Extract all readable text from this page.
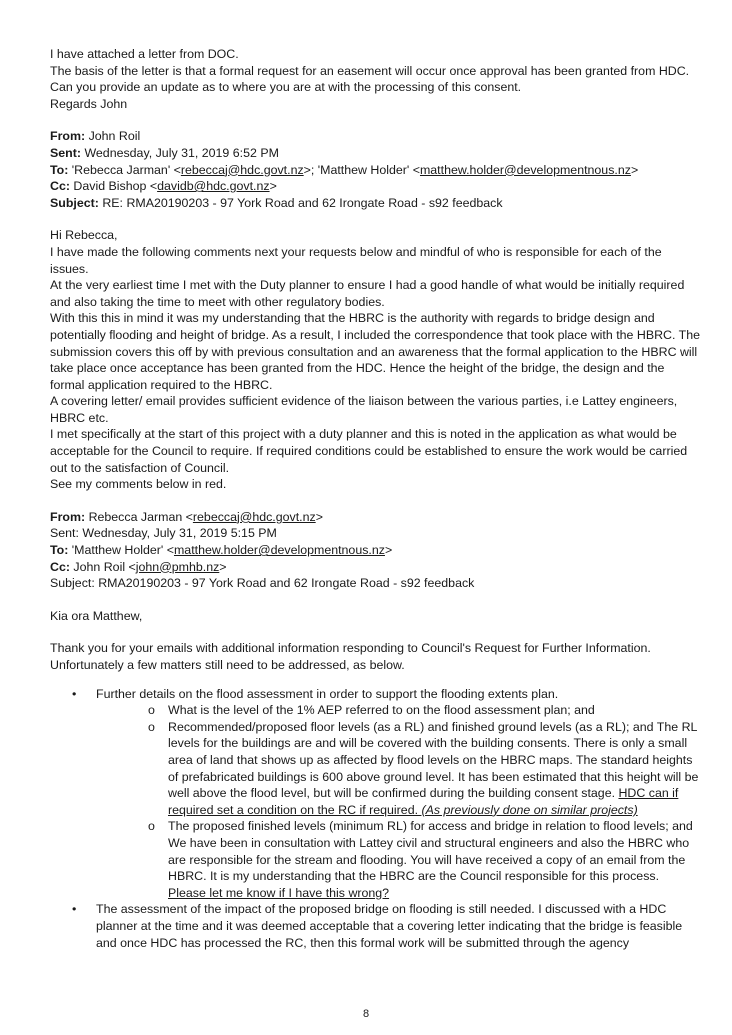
I have attached a letter from DOC.

The basis of the letter is that a formal request for an easement will occur once approval has been granted from HDC.

Can you provide an update as to where you are at with the processing of this consent.

Regards John

From: John Roil

Sent: Wednesday, July 31, 2019 6:52 PM

To: 'Rebecca Jarman' <rebeccaj@hdc.govt.nz>; 'Matthew Holder' <matthew.holder@developmentnous.nz>

Cc: David Bishop <davidb@hdc.govt.nz>

Subject: RE: RMA20190203 - 97 York Road and 62 Irongate Road - s92 feedback

Hi Rebecca,

I have made the following comments next your requests below and mindful of who is responsible for each of the issues.

At the very earliest time I met with the Duty planner to ensure I had a good handle of what would be initially required and also taking the time to meet with other regulatory bodies.

With this this in mind it was my understanding that the HBRC is the authority with regards to bridge design and potentially flooding and height of bridge. As a result, I included the correspondence that took place with the HBRC. The submission covers this off by with previous consultation and an awareness that the formal application to the HBRC will take place once acceptance has been granted from the HDC. Hence the height of the bridge, the design and the formal application required to the HBRC.

A covering letter/ email provides sufficient evidence of the liaison between the various parties, i.e Lattey engineers, HBRC etc.

I met specifically at the start of this project with a duty planner and this is noted in the application as what would be acceptable for the Council to require. If required conditions could be established to ensure the work would be carried out to the satisfaction of Council.

See my comments below in red.

From: Rebecca Jarman <rebeccaj@hdc.govt.nz>

Sent: Wednesday, July 31, 2019 5:15 PM

To: 'Matthew Holder' <matthew.holder@developmentnous.nz>

Cc: John Roil <john@pmhb.nz>

Subject: RMA20190203 - 97 York Road and 62 Irongate Road - s92 feedback

Kia ora Matthew,

Thank you for your emails with additional information responding to Council's Request for Further Information. Unfortunately a few matters still need to be addressed, as below.

• Further details on the flood assessment in order to support the flooding extents plan.
o What is the level of the 1% AEP referred to on the flood assessment plan; and
o Recommended/proposed floor levels (as a RL) and finished ground levels (as a RL); and The RL levels for the buildings are and will be covered with the building consents. There is only a small area of land that shows up as affected by flood levels on the HBRC maps. The standard heights of prefabricated buildings is 600 above ground level. It has been estimated that this height will be well above the flood level, but will be confirmed during the building consent stage. HDC can if required set a condition on the RC if required. (As previously done on similar projects)
o The proposed finished levels (minimum RL) for access and bridge in relation to flood levels; and We have been in consultation with Lattey civil and structural engineers and also the HBRC who are responsible for the stream and flooding. You will have received a copy of an email from the HBRC. It is my understanding that the HBRC are the Council responsible for this process. Please let me know if I have this wrong?
• The assessment of the impact of the proposed bridge on flooding is still needed. I discussed with a HDC planner at the time and it was deemed acceptable that a covering letter indicating that the bridge is feasible and once HDC has processed the RC, then this formal work will be submitted through the agency
8
